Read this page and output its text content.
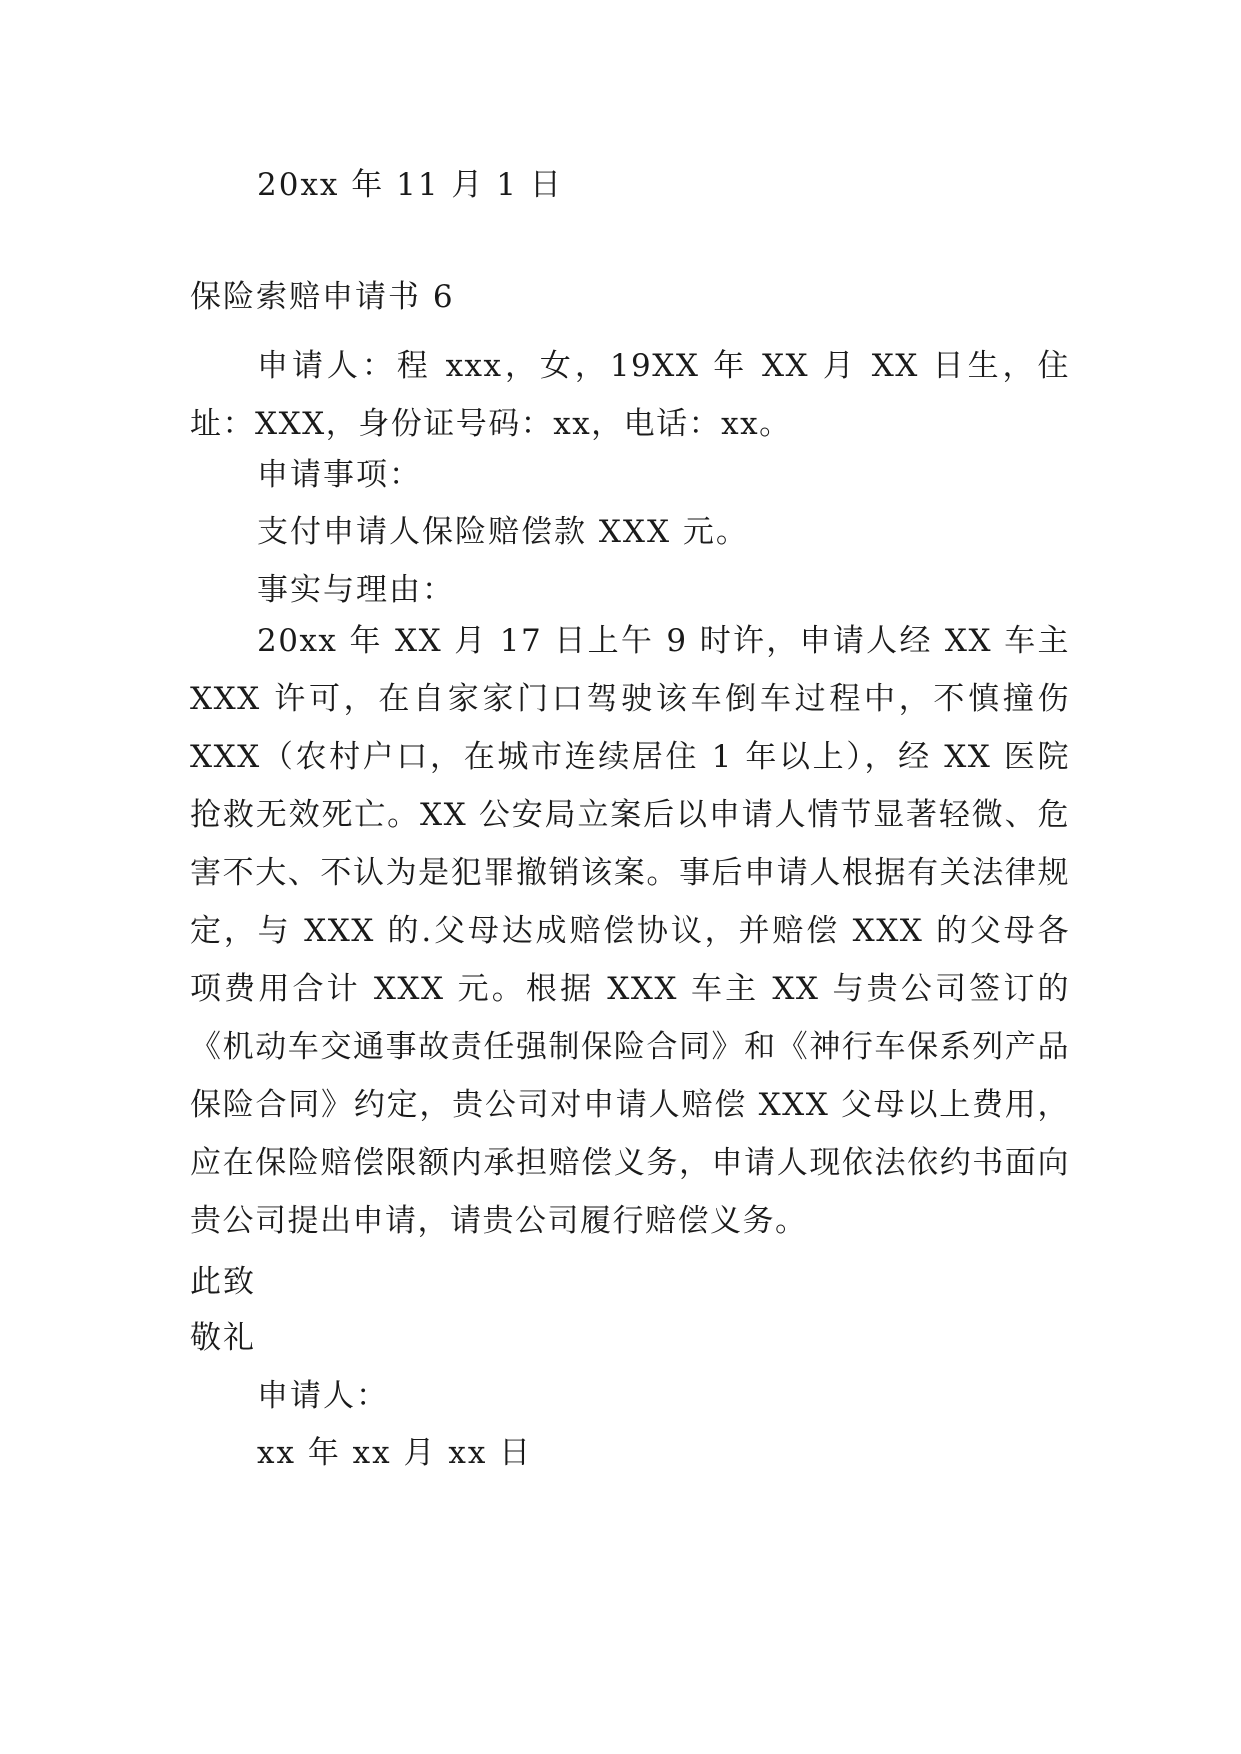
20xx 年 11 月 1 日
保险索赔申请书 6

申请人：程 xxx，女，19XX 年 XX 月 XX 日生，住址：XXX，身份证号码：xx，电话：xx。

申请事项：
支付申请人保险赔偿款 XXX 元。
事实与理由：

20xx 年 XX 月 17 日上午 9 时许，申请人经 XX 车主 XXX 许可，在自家家门口驾驶该车倒车过程中，不慎撞伤 XXX（农村户口，在城市连续居住 1 年以上），经 XX 医院抢救无效死亡。XX 公安局立案后以申请人情节显著轻微、危害不大、不认为是犯罪撤销该案。事后申请人根据有关法律规定，与 XXX 的.父母达成赔偿协议，并赔偿 XXX 的父母各项费用合计 XXX 元。根据 XXX 车主 XX 与贵公司签订的《机动车交通事故责任强制保险合同》和《神行车保系列产品保险合同》约定，贵公司对申请人赔偿 XXX 父母以上费用，应在保险赔偿限额内承担赔偿义务，申请人现依法依约书面向贵公司提出申请，请贵公司履行赔偿义务。

此致
敬礼
申请人：
xx 年 xx 月 xx 日
